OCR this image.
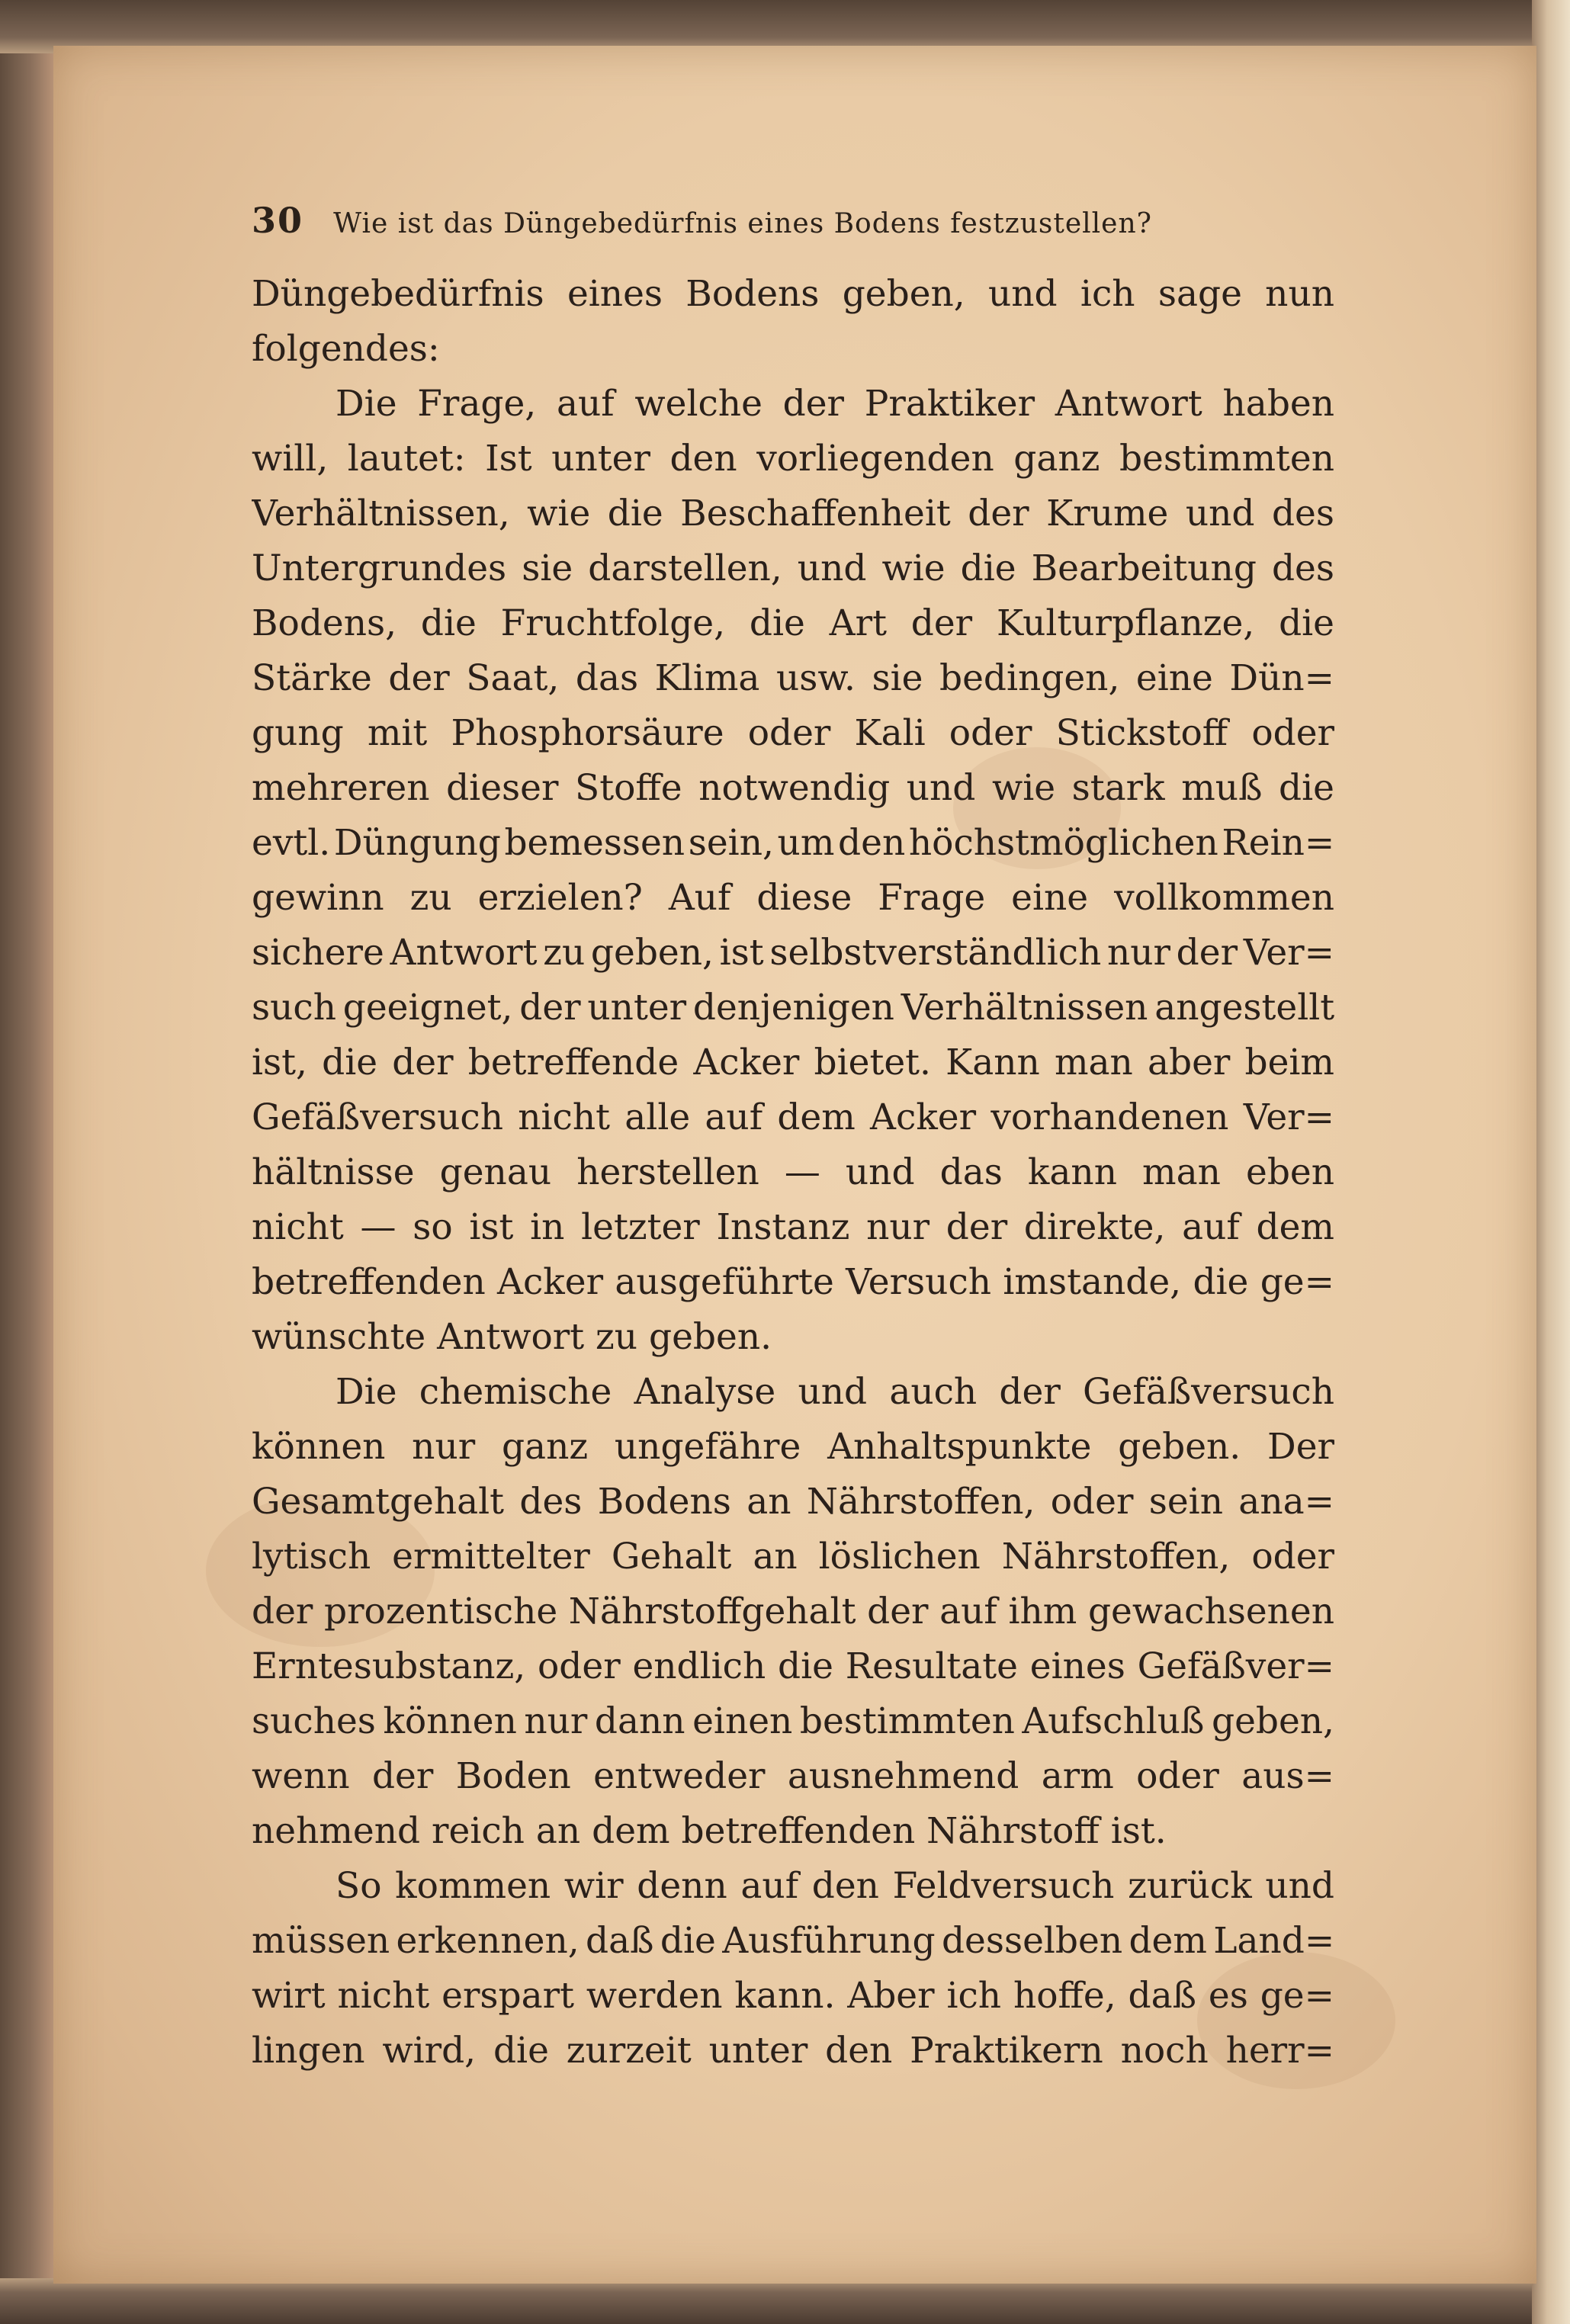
30 Wie ist das Düngebedürfnis eines Bodens festzustellen?
Düngebedürfnis eines Bodens geben, und ich sage nun
folgendes:
Die Frage, auf welche der Praktiker Antwort haben
will, lautet: Ist unter den vorliegenden ganz bestimmten
Verhältnissen, wie die Beschaffenheit der Krume und des
Untergrundes sie darstellen, und wie die Bearbeitung des
Bodens, die Fruchtfolge, die Art der Kulturpflanze, die
Stärke der Saat, das Klima usw. sie bedingen, eine Dün=
gung mit Phosphorsäure oder Kali oder Stickstoff oder
mehreren dieser Stoffe notwendig und wie stark muß die
evtl. Düngung bemessen sein, um den höchstmöglichen Rein=
gewinn zu erzielen? Auf diese Frage eine vollkommen
sichere Antwort zu geben, ist selbstverständlich nur der Ver=
such geeignet, der unter denjenigen Verhältnissen angestellt
ist, die der betreffende Acker bietet. Kann man aber beim
Gefäßversuch nicht alle auf dem Acker vorhandenen Ver=
hältnisse genau herstellen — und das kann man eben
nicht — so ist in letzter Instanz nur der direkte, auf dem
betreffenden Acker ausgeführte Versuch imstande, die ge=
wünschte Antwort zu geben.
Die chemische Analyse und auch der Gefäßversuch
können nur ganz ungefähre Anhaltspunkte geben. Der
Gesamtgehalt des Bodens an Nährstoffen, oder sein ana=
lytisch ermittelter Gehalt an löslichen Nährstoffen, oder
der prozentische Nährstoffgehalt der auf ihm gewachsenen
Erntesubstanz, oder endlich die Resultate eines Gefäßver=
suches können nur dann einen bestimmten Aufschluß geben,
wenn der Boden entweder ausnehmend arm oder aus=
nehmend reich an dem betreffenden Nährstoff ist.
So kommen wir denn auf den Feldversuch zurück und
müssen erkennen, daß die Ausführung desselben dem Land=
wirt nicht erspart werden kann. Aber ich hoffe, daß es ge=
lingen wird, die zurzeit unter den Praktikern noch herr=
